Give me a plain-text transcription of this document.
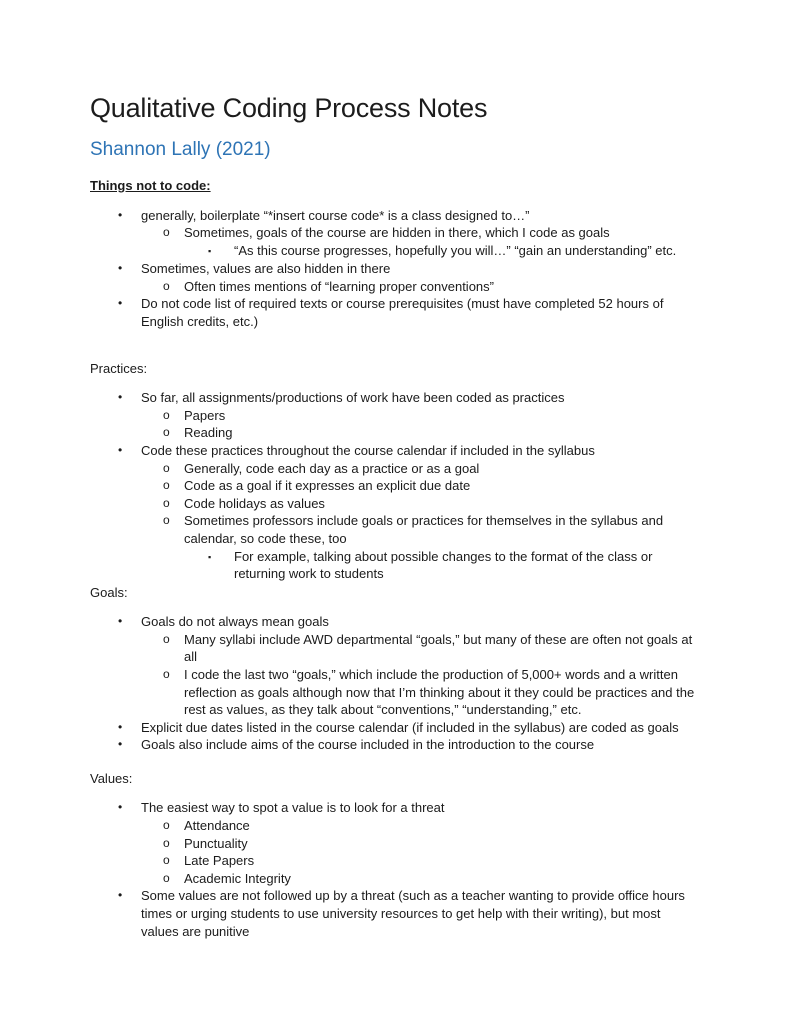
Qualitative Coding Process Notes
Shannon Lally (2021)
Things not to code:
•	generally, boilerplate “*insert course code* is a class designed to…”
o	Sometimes, goals of the course are hidden in there, which I code as goals
▪	“As this course progresses, hopefully you will…” “gain an understanding” etc.
•	Sometimes, values are also hidden in there
o	Often times mentions of “learning proper conventions”
•	Do not code list of required texts or course prerequisites (must have completed 52 hours of English credits, etc.)
Practices:
•	So far, all assignments/productions of work have been coded as practices
o	Papers
o	Reading
•	Code these practices throughout the course calendar if included in the syllabus
o	Generally, code each day as a practice or as a goal
o	Code as a goal if it expresses an explicit due date
o	Code holidays as values
o	Sometimes professors include goals or practices for themselves in the syllabus and calendar, so code these, too
▪	For example, talking about possible changes to the format of the class or returning work to students
Goals:
•	Goals do not always mean goals
o	Many syllabi include AWD departmental “goals,” but many of these are often not goals at all
o	I code the last two “goals,” which include the production of 5,000+ words and a written reflection as goals although now that I’m thinking about it they could be practices and the rest as values, as they talk about “conventions,” “understanding,” etc.
•	Explicit due dates listed in the course calendar (if included in the syllabus) are coded as goals
•	Goals also include aims of the course included in the introduction to the course
Values:
•	The easiest way to spot a value is to look for a threat
o	Attendance
o	Punctuality
o	Late Papers
o	Academic Integrity
•	Some values are not followed up by a threat (such as a teacher wanting to provide office hours times or urging students to use university resources to get help with their writing), but most values are punitive
